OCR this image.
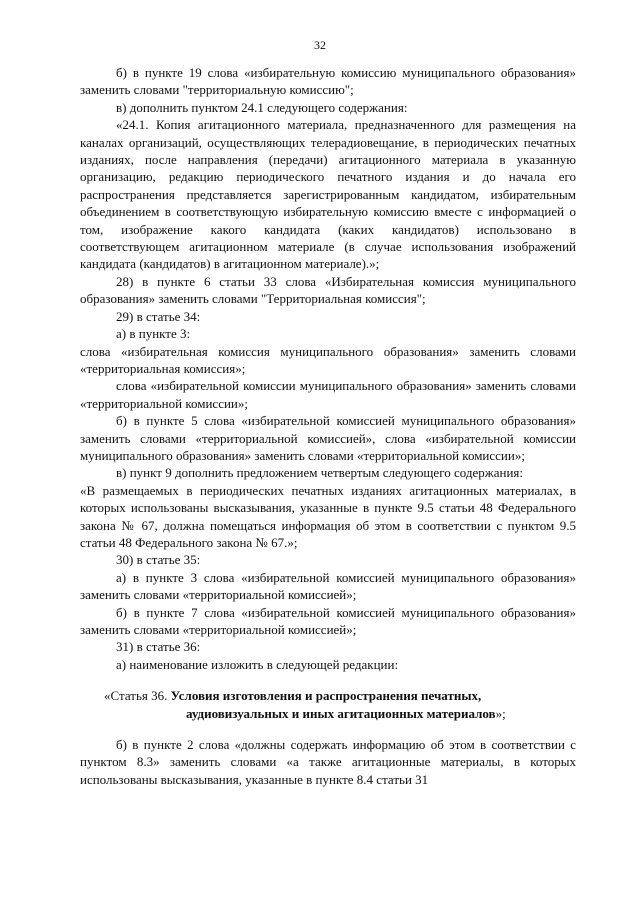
32

б) в пункте 19 слова «избирательную комиссию муниципального образования» заменить словами "территориальную комиссию";

в) дополнить пунктом 24.1 следующего содержания:

«24.1. Копия агитационного материала, предназначенного для размещения на каналах организаций, осуществляющих телерадиовещание, в периодических печатных изданиях, после направления (передачи) агитационного материала в указанную организацию, редакцию периодического печатного издания и до начала его распространения представляется зарегистрированным кандидатом, избирательным объединением в соответствующую избирательную комиссию вместе с информацией о том, изображение какого кандидата (каких кандидатов) использовано в соответствующем агитационном материале (в случае использования изображений кандидата (кандидатов) в агитационном материале).»;

28) в пункте 6 статьи 33 слова «Избирательная комиссия муниципального образования» заменить словами "Территориальная комиссия";

29) в статье 34:

а) в пункте 3:

слова «избирательная комиссия муниципального образования» заменить словами «территориальная комиссия»;

слова «избирательной комиссии муниципального образования» заменить словами «территориальной комиссии»;

б) в пункте 5 слова «избирательной комиссией муниципального образования» заменить словами «территориальной комиссией», слова «избирательной комиссии муниципального образования» заменить словами «территориальной комиссии»;

в) пункт 9 дополнить предложением четвертым следующего содержания:

«В размещаемых в периодических печатных изданиях агитационных материалах, в которых использованы высказывания, указанные в пункте 9.5 статьи 48 Федерального закона № 67, должна помещаться информация об этом в соответствии с пунктом 9.5 статьи 48 Федерального закона № 67.»;

30) в статье 35:

а) в пункте 3 слова «избирательной комиссией муниципального образования» заменить словами «территориальной комиссией»;

б) в пункте 7 слова «избирательной комиссией муниципального образования» заменить словами «территориальной комиссией»;

31) в статье 36:

а) наименование изложить в следующей редакции:

«Статья 36. Условия изготовления и распространения печатных,
аудиовизуальных и иных агитационных материалов»;

б) в пункте 2 слова «должны содержать информацию об этом в соответствии с пунктом 8.3» заменить словами «а также агитационные материалы, в которых использованы высказывания, указанные в пункте 8.4 статьи 31
